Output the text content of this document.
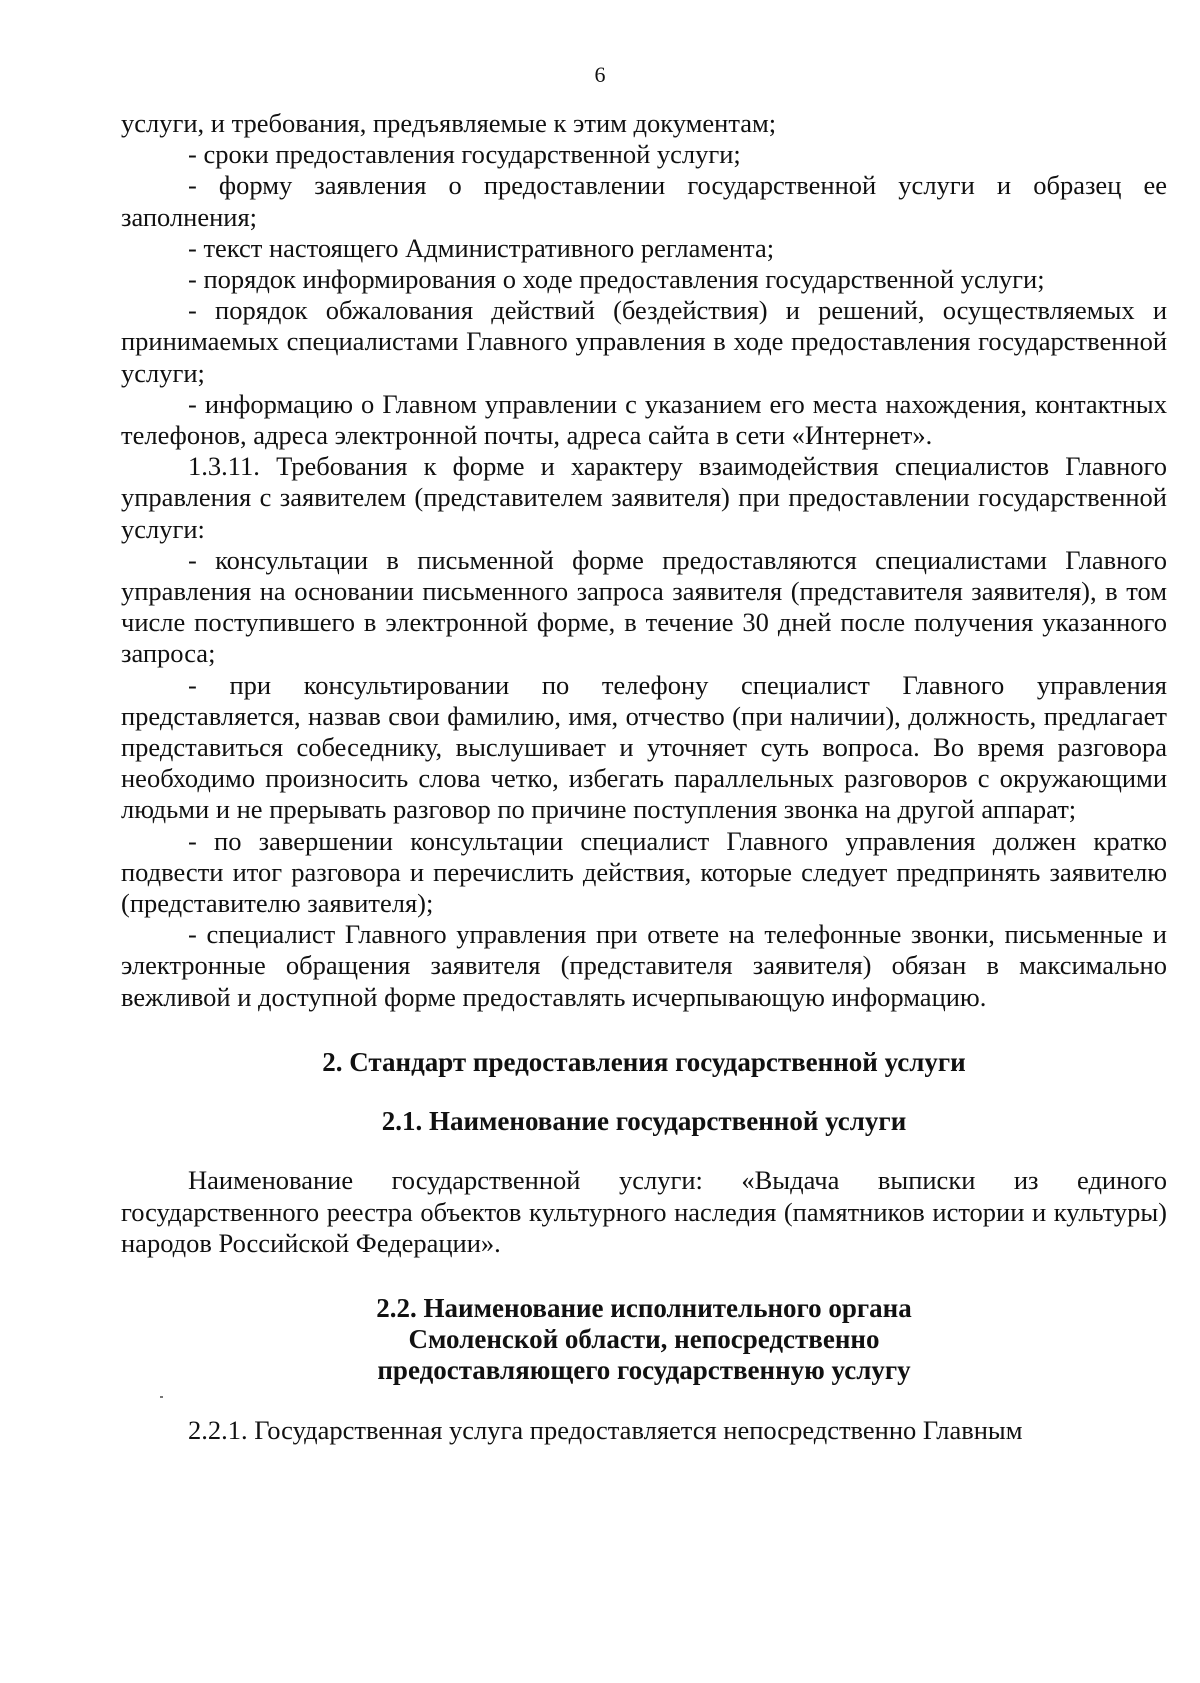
6

услуги, и требования, предъявляемые к этим документам;

- сроки предоставления государственной услуги;

- форму заявления о предоставлении государственной услуги и образец ее заполнения;

- текст настоящего Административного регламента;

- порядок информирования о ходе предоставления государственной услуги;

- порядок обжалования действий (бездействия) и решений, осуществляемых и принимаемых специалистами Главного управления в ходе предоставления государственной услуги;

- информацию о Главном управлении с указанием его места нахождения, контактных телефонов, адреса электронной почты, адреса сайта в сети «Интернет».

1.3.11. Требования к форме и характеру взаимодействия специалистов Главного управления с заявителем (представителем заявителя) при предоставлении государственной услуги:

- консультации в письменной форме предоставляются специалистами Главного управления на основании письменного запроса заявителя (представителя заявителя), в том числе поступившего в электронной форме, в течение 30 дней после получения указанного запроса;

- при консультировании по телефону специалист Главного управления представляется, назвав свои фамилию, имя, отчество (при наличии), должность, предлагает представиться собеседнику, выслушивает и уточняет суть вопроса. Во время разговора необходимо произносить слова четко, избегать параллельных разговоров с окружающими людьми и не прерывать разговор по причине поступления звонка на другой аппарат;

- по завершении консультации специалист Главного управления должен кратко подвести итог разговора и перечислить действия, которые следует предпринять заявителю (представителю заявителя);

- специалист Главного управления при ответе на телефонные звонки, письменные и электронные обращения заявителя (представителя заявителя) обязан в максимально вежливой и доступной форме предоставлять исчерпывающую информацию.

2. Стандарт предоставления государственной услуги

2.1. Наименование государственной услуги

Наименование государственной услуги: «Выдача выписки из единого государственного реестра объектов культурного наследия (памятников истории и культуры) народов Российской Федерации».

2.2. Наименование исполнительного органа
Смоленской области, непосредственно
предоставляющего государственную услугу

2.2.1. Государственная услуга предоставляется непосредственно Главным
